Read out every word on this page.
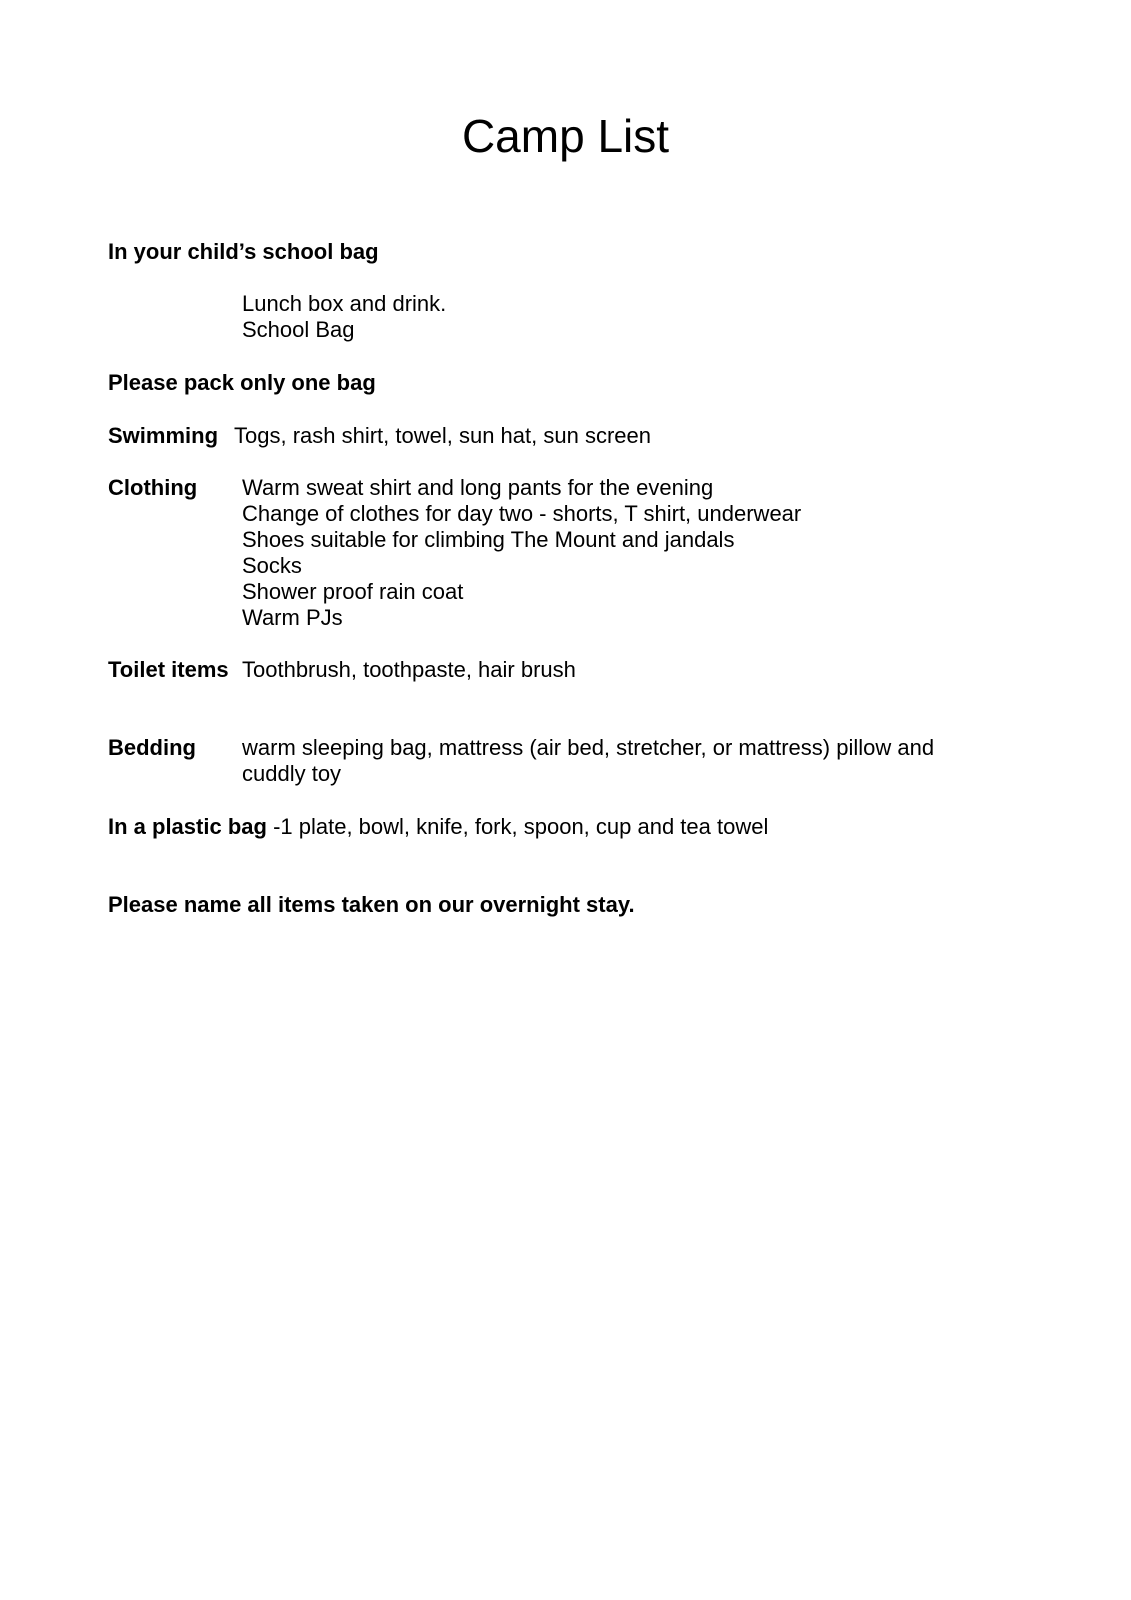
Camp List
In your child’s school bag
Lunch box and drink.
School Bag
Please pack only one bag
Swimming Togs, rash shirt, towel, sun hat, sun screen
Clothing Warm sweat shirt and long pants for the evening
Change of clothes for day two - shorts, T shirt, underwear
Shoes suitable for climbing The Mount and jandals
Socks
Shower proof rain coat
Warm PJs
Toilet items Toothbrush, toothpaste, hair brush
Bedding warm sleeping bag, mattress (air bed, stretcher, or mattress) pillow and
cuddly toy
In a plastic bag -1 plate, bowl, knife, fork, spoon, cup and tea towel
Please name all items taken on our overnight stay.
